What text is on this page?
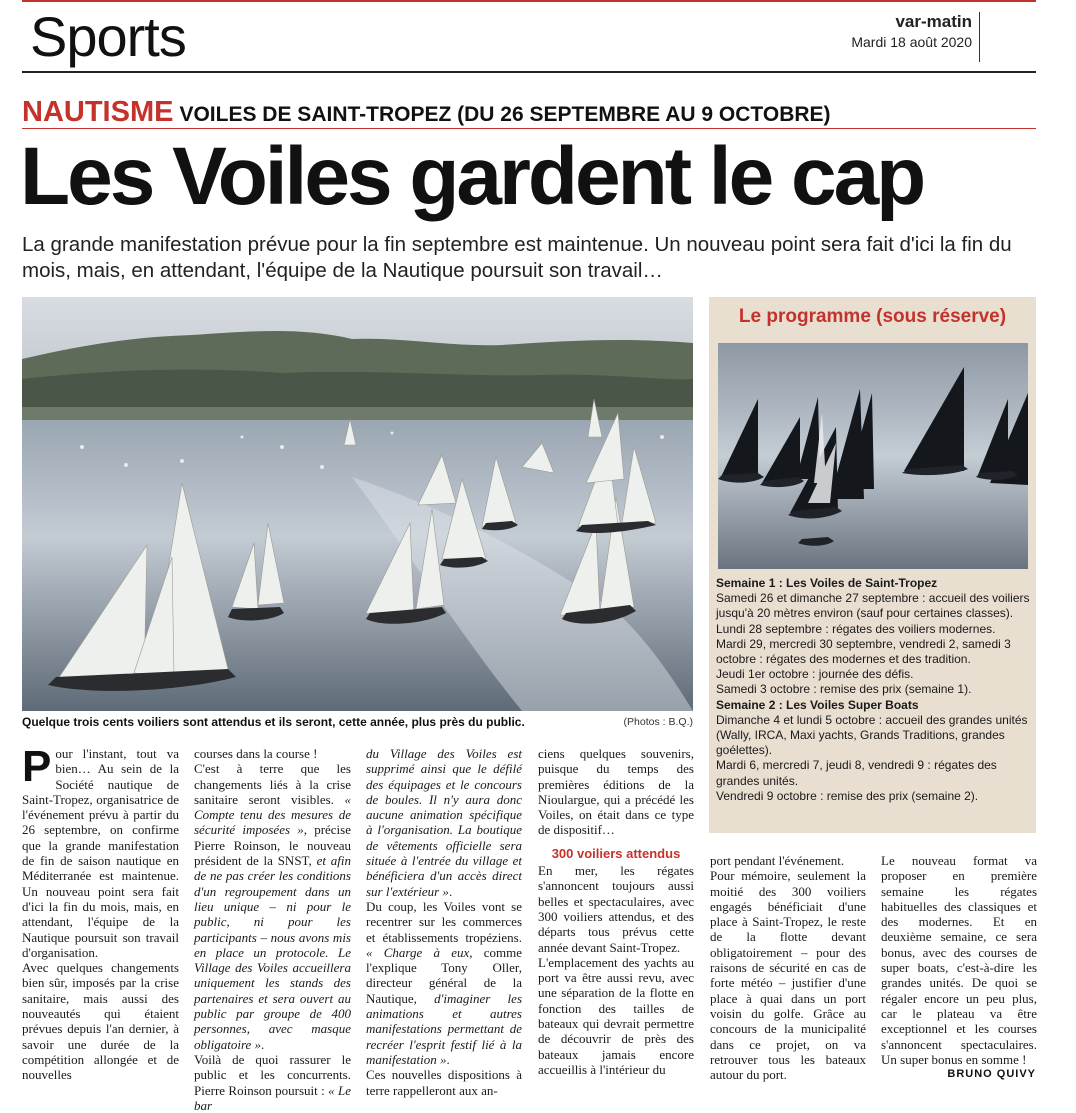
Sports	var-matin
Mardi 18 août 2020
NAUTISME VOILES DE SAINT-TROPEZ (DU 26 SEPTEMBRE AU 9 OCTOBRE)
Les Voiles gardent le cap
La grande manifestation prévue pour la fin septembre est maintenue. Un nouveau point sera fait d'ici la fin du mois, mais, en attendant, l'équipe de la Nautique poursuit son travail…
Quelque trois cents voiliers sont attendus et ils seront, cette année, plus près du public.	(Photos : B.Q.)
Le programme (sous réserve)

Semaine 1 : Les Voiles de Saint-Tropez

Samedi 26 et dimanche 27 septembre : accueil des voiliers jusqu'à 20 mètres environ (sauf pour certaines classes).

Lundi 28 septembre : régates des voiliers modernes.

Mardi 29, mercredi 30 septembre, vendredi 2, samedi 3 octobre : régates des modernes et des tradition.

Jeudi 1er octobre : journée des défis.

Samedi 3 octobre : remise des prix (semaine 1).

Semaine 2 : Les Voiles Super Boats

Dimanche 4 et lundi 5 octobre : accueil des grandes unités (Wally, IRCA, Maxi yachts, Grands Traditions, grandes goélettes).

Mardi 6, mercredi 7, jeudi 8, vendredi 9 : régates des grandes unités.

Vendredi 9 octobre : remise des prix (semaine 2).

Pour l'instant, tout va bien… Au sein de la Société nautique de Saint-Tropez, organisatrice de l'événement prévu à partir du 26 septembre, on confirme que la grande manifestation de fin de saison nautique en Méditerranée est maintenue. Un nouveau point sera fait d'ici la fin du mois, mais, en attendant, l'équipe de la Nautique poursuit son travail d'organisation.

Avec quelques changements bien sûr, imposés par la crise sanitaire, mais aussi des nouveautés qui étaient prévues depuis l'an dernier, à savoir une durée de la compétition allongée et de nouvelles

courses dans la course !

C'est à terre que les changements liés à la crise sanitaire seront visibles. « Compte tenu des mesures de sécurité imposées », précise Pierre Roinson, le nouveau président de la SNST, et afin de ne pas créer les conditions d'un regroupement dans un lieu unique – ni pour le public, ni pour les participants – nous avons mis en place un protocole. Le Village des Voiles accueillera uniquement les stands des partenaires et sera ouvert au public par groupe de 400 personnes, avec masque obligatoire ».

Voilà de quoi rassurer le public et les concurrents. Pierre Roinson poursuit : « Le bar

du Village des Voiles est supprimé ainsi que le défilé des équipages et le concours de boules. Il n'y aura donc aucune animation spécifique à l'organisation. La boutique de vêtements officielle sera située à l'entrée du village et bénéficiera d'un accès direct sur l'extérieur ».

Du coup, les Voiles vont se recentrer sur les commerces et établissements tropéziens. « Charge à eux, comme l'explique Tony Oller, directeur général de la Nautique, d'imaginer les animations et autres manifestations permettant de recréer l'esprit festif lié à la manifestation ».

Ces nouvelles dispositions à terre rappelleront aux an-

ciens quelques souvenirs, puisque du temps des premières éditions de la Nioulargue, qui a précédé les Voiles, on était dans ce type de dispositif…

300 voiliers attendus

En mer, les régates s'annoncent toujours aussi belles et spectaculaires, avec 300 voiliers attendus, et des départs tous prévus cette année devant Saint-Tropez.

L'emplacement des yachts au port va être aussi revu, avec une séparation de la flotte en fonction des tailles de bateaux qui devrait permettre de découvrir de près des bateaux jamais encore accueillis à l'intérieur du

port pendant l'événement.

Pour mémoire, seulement la moitié des 300 voiliers engagés bénéficiait d'une place à Saint-Tropez, le reste de la flotte devant obligatoirement – pour des raisons de sécurité en cas de forte météo – justifier d'une place à quai dans un port voisin du golfe. Grâce au concours de la municipalité dans ce projet, on va retrouver tous les bateaux autour du port.

Le nouveau format va proposer en première semaine les régates habituelles des classiques et des modernes. Et en deuxième semaine, ce sera bonus, avec des courses de super boats, c'est-à-dire les grandes unités. De quoi se régaler encore un peu plus, car le plateau va être exceptionnel et les courses s'annoncent spectaculaires. Un super bonus en somme !

BRUNO QUIVY
